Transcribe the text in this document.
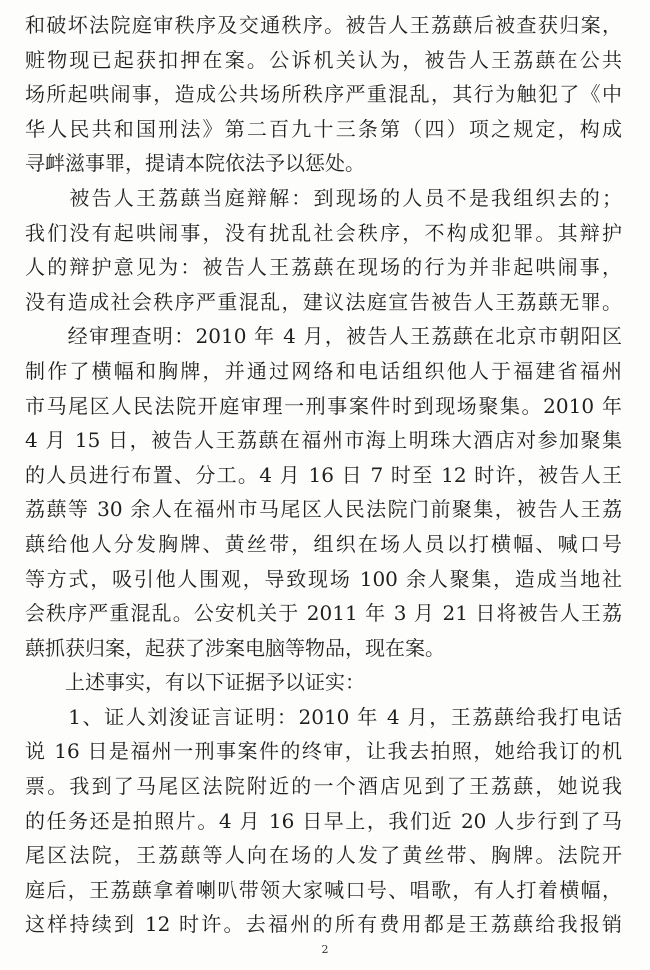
和破坏法院庭审秩序及交通秩序。被告人王荔蕻后被查获归案，
赃物现已起获扣押在案。公诉机关认为，被告人王荔蕻在公共
场所起哄闹事，造成公共场所秩序严重混乱，其行为触犯了《中
华人民共和国刑法》第二百九十三条第（四）项之规定，构成
寻衅滋事罪，提请本院依法予以惩处。
　　被告人王荔蕻当庭辩解：到现场的人员不是我组织去的；
我们没有起哄闹事，没有扰乱社会秩序，不构成犯罪。其辩护
人的辩护意见为：被告人王荔蕻在现场的行为并非起哄闹事，
没有造成社会秩序严重混乱，建议法庭宣告被告人王荔蕻无罪。
　　经审理查明：2010 年 4 月，被告人王荔蕻在北京市朝阳区
制作了横幅和胸牌，并通过网络和电话组织他人于福建省福州
市马尾区人民法院开庭审理一刑事案件时到现场聚集。2010 年
4 月 15 日，被告人王荔蕻在福州市海上明珠大酒店对参加聚集
的人员进行布置、分工。4 月 16 日 7 时至 12 时许，被告人王
荔蕻等 30 余人在福州市马尾区人民法院门前聚集，被告人王荔
蕻给他人分发胸牌、黄丝带，组织在场人员以打横幅、喊口号
等方式，吸引他人围观，导致现场 100 余人聚集，造成当地社
会秩序严重混乱。公安机关于 2011 年 3 月 21 日将被告人王荔
蕻抓获归案，起获了涉案电脑等物品，现在案。
　　上述事实，有以下证据予以证实：
　　1、证人刘浚证言证明：2010 年 4 月，王荔蕻给我打电话
说 16 日是福州一刑事案件的终审，让我去拍照，她给我订的机
票。我到了马尾区法院附近的一个酒店见到了王荔蕻，她说我
的任务还是拍照片。4 月 16 日早上，我们近 20 人步行到了马
尾区法院，王荔蕻等人向在场的人发了黄丝带、胸牌。法院开
庭后，王荔蕻拿着喇叭带领大家喊口号、唱歌，有人打着横幅，
这样持续到 12 时许。去福州的所有费用都是王荔蕻给我报销
2
